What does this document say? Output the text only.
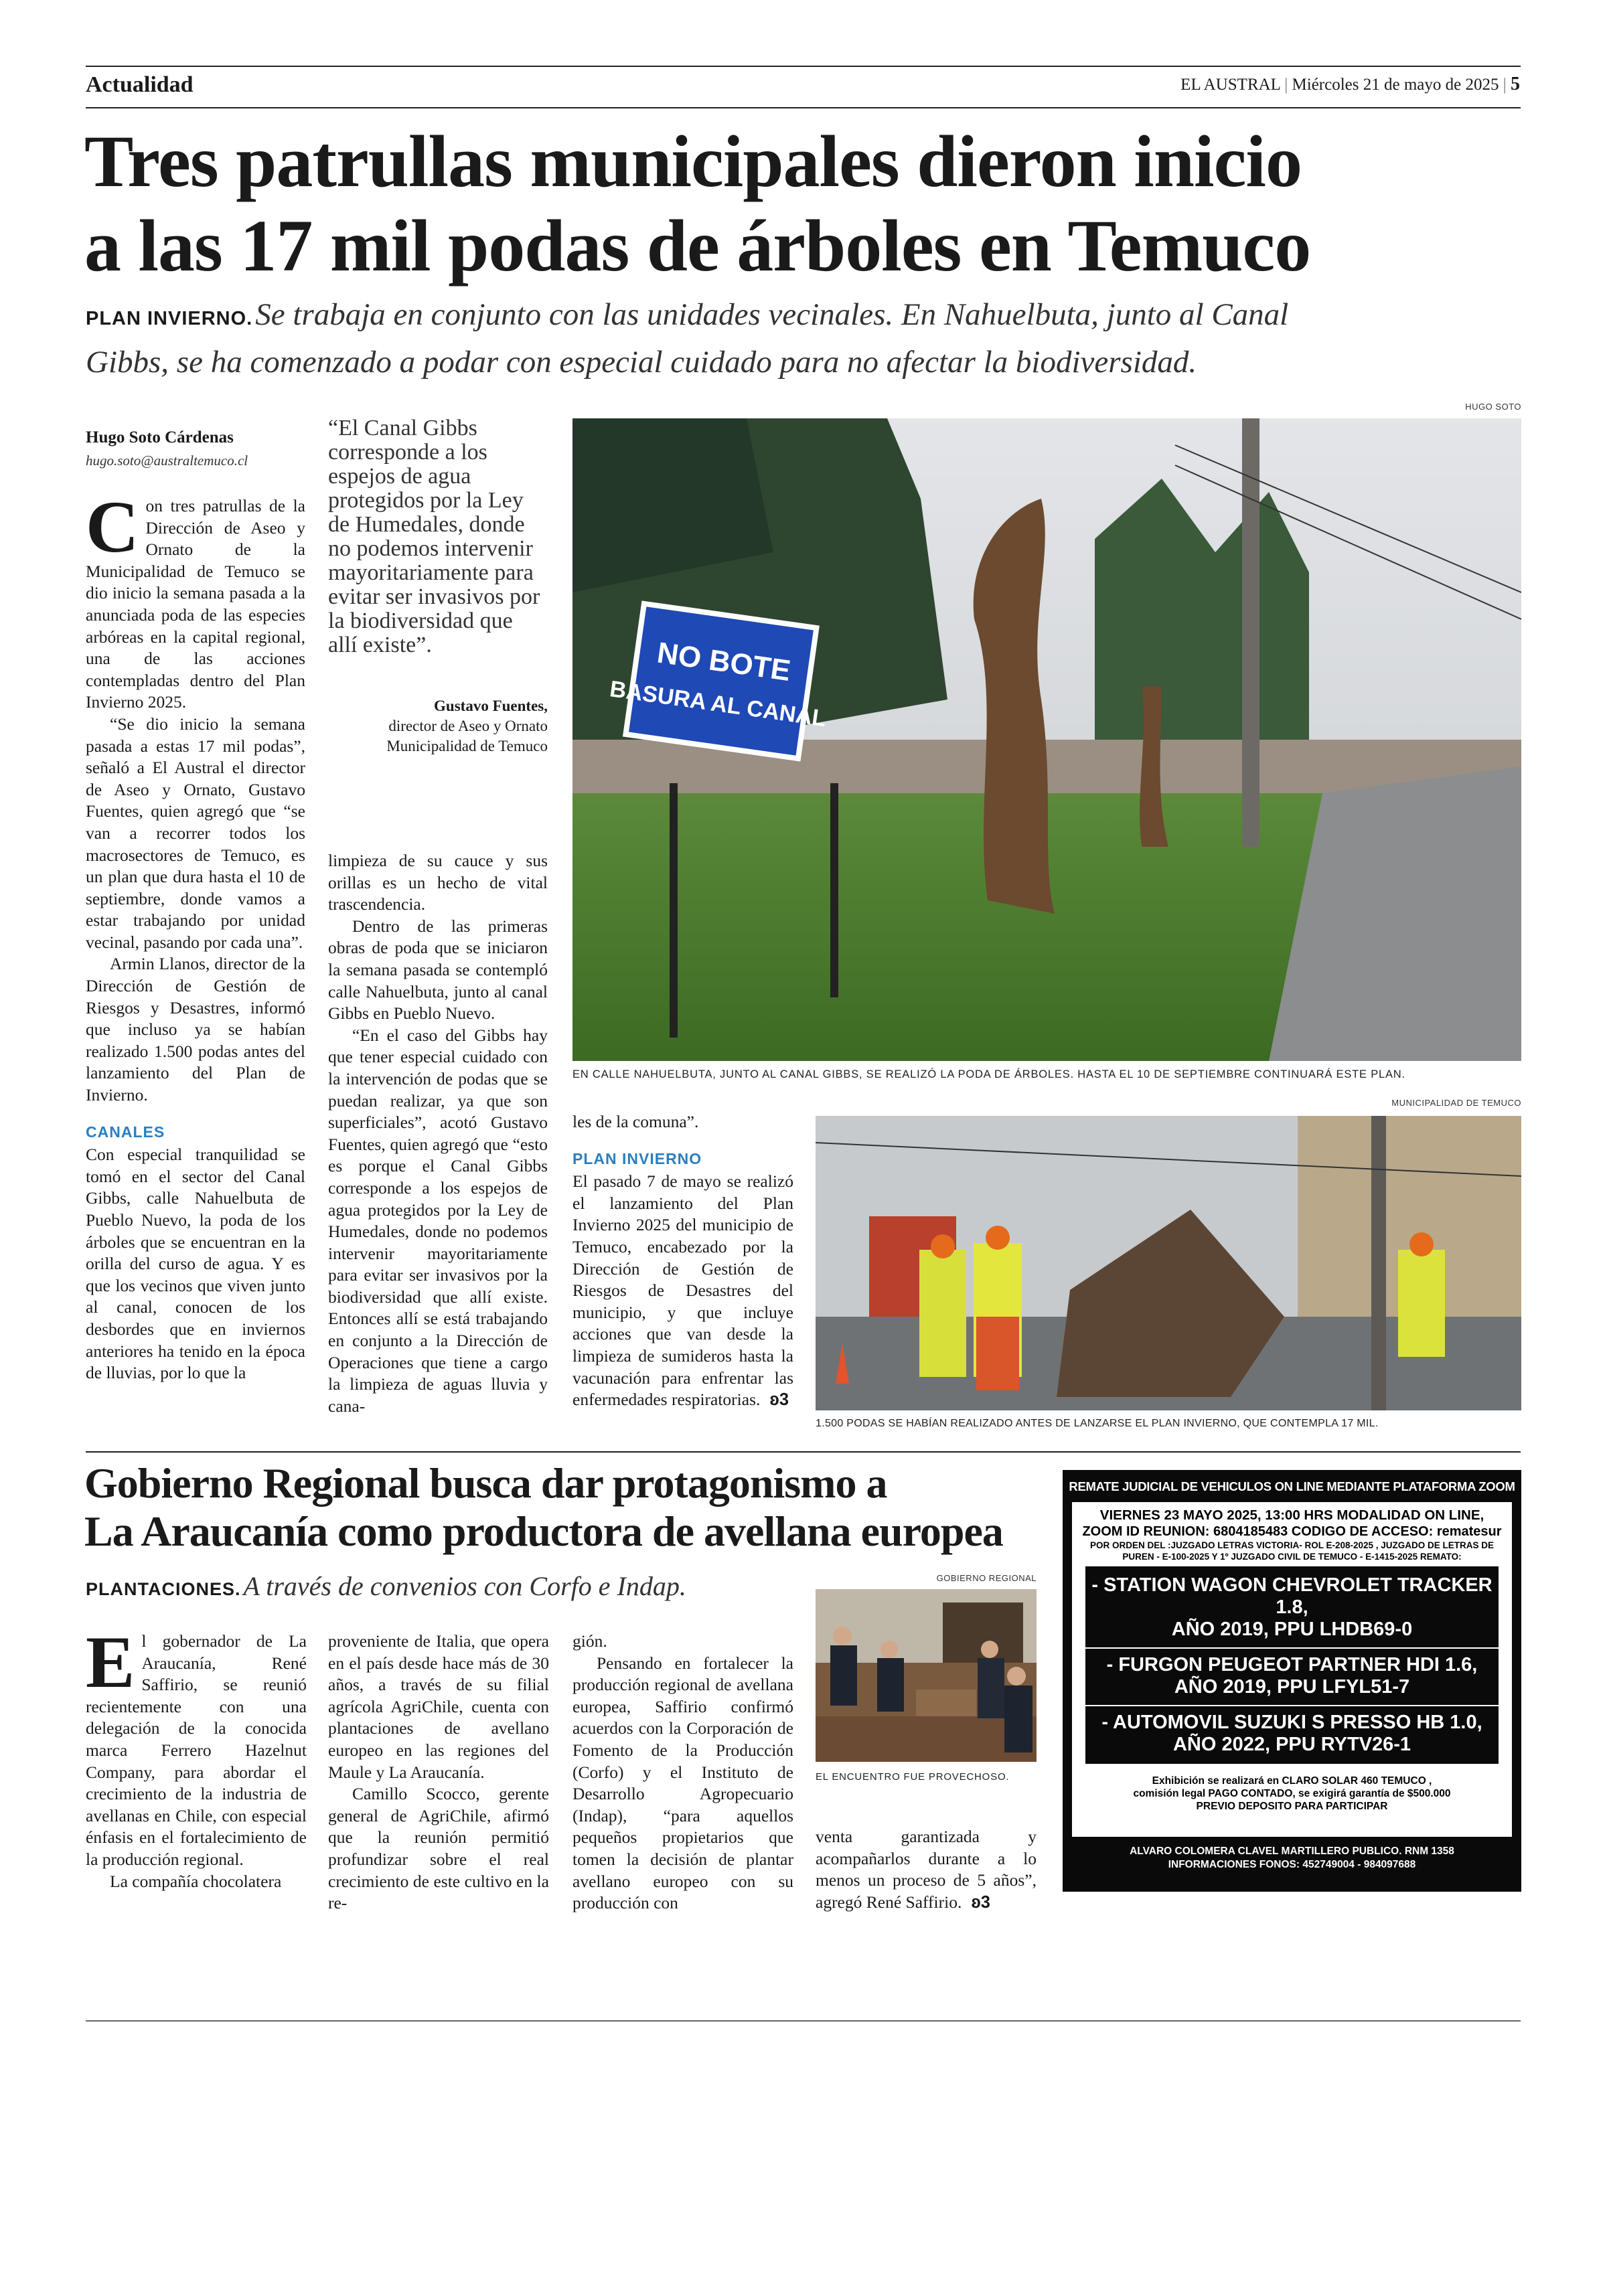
Actualidad	EL AUSTRAL | Miércoles 21 de mayo de 2025 | 5
Tres patrullas municipales dieron inicio
a las 17 mil podas de árboles en Temuco
PLAN INVIERNO. Se trabaja en conjunto con las unidades vecinales. En Nahuelbuta, junto al Canal
Gibbs, se ha comenzado a podar con especial cuidado para no afectar la biodiversidad.
Hugo Soto Cárdenas
hugo.soto@australtemuco.cl

Con tres patrullas de la Dirección de Aseo y Ornato de la Municipalidad de Temuco se dio inicio la semana pasada a la anunciada poda de las especies arbóreas en la capital regional, una de las acciones contempladas dentro del Plan Invierno 2025.

“Se dio inicio la semana pasada a estas 17 mil podas”, señaló a El Austral el director de Aseo y Ornato, Gustavo Fuentes, quien agregó que “se van a recorrer todos los macrosectores de Temuco, es un plan que dura hasta el 10 de septiembre, donde vamos a estar trabajando por unidad vecinal, pasando por cada una”.

Armin Llanos, director de la Dirección de Gestión de Riesgos y Desastres, informó que incluso ya se habían realizado 1.500 podas antes del lanzamiento del Plan de Invierno.

CANALES

Con especial tranquilidad se tomó en el sector del Canal Gibbs, calle Nahuelbuta de Pueblo Nuevo, la poda de los árboles que se encuentran en la orilla del curso de agua. Y es que los vecinos que viven junto al canal, conocen de los desbordes que en inviernos anteriores ha tenido en la época de lluvias, por lo que la

“El Canal Gibbs corresponde a los espejos de agua protegidos por la Ley de Humedales, donde no podemos intervenir mayoritariamente para evitar ser invasivos por la biodiversidad que allí existe”.
Gustavo Fuentes,
director de Aseo y Ornato
Municipalidad de Temuco

limpieza de su cauce y sus orillas es un hecho de vital trascendencia.

Dentro de las primeras obras de poda que se iniciaron la semana pasada se contempló calle Nahuelbuta, junto al canal Gibbs en Pueblo Nuevo.

“En el caso del Gibbs hay que tener especial cuidado con la intervención de podas que se puedan realizar, ya que son superficiales”, acotó Gustavo Fuentes, quien agregó que “esto es porque el Canal Gibbs corresponde a los espejos de agua protegidos por la Ley de Humedales, donde no podemos intervenir mayoritariamente para evitar ser invasivos por la biodiversidad que allí existe. Entonces allí se está trabajando en conjunto a la Dirección de Operaciones que tiene a cargo la limpieza de aguas lluvia y cana-

les de la comuna”.

PLAN INVIERNO

El pasado 7 de mayo se realizó el lanzamiento del Plan Invierno 2025 del municipio de Temuco, encabezado por la Dirección de Gestión de Riesgos de Desastres del municipio, y que incluye acciones que van desde la limpieza de sumideros hasta la vacunación para enfrentar las enfermedades respiratorias. ʚ3

HUGO SOTO
NO BOTE
BASURA AL CANAL
EN CALLE NAHUELBUTA, JUNTO AL CANAL GIBBS, SE REALIZÓ LA PODA DE ÁRBOLES. HASTA EL 10 DE SEPTIEMBRE CONTINUARÁ ESTE PLAN.
MUNICIPALIDAD DE TEMUCO
1.500 PODAS SE HABÍAN REALIZADO ANTES DE LANZARSE EL PLAN INVIERNO, QUE CONTEMPLA 17 MIL.
Gobierno Regional busca dar protagonismo a
La Araucanía como productora de avellana europea
PLANTACIONES. A través de convenios con Corfo e Indap.

El gobernador de La Araucanía, René Saffirio, se reunió recientemente con una delegación de la conocida marca Ferrero Hazelnut Company, para abordar el crecimiento de la industria de avellanas en Chile, con especial énfasis en el fortalecimiento de la producción regional.

La compañía chocolatera

proveniente de Italia, que opera en el país desde hace más de 30 años, a través de su filial agrícola AgriChile, cuenta con plantaciones de avellano europeo en las regiones del Maule y La Araucanía.

Camillo Scocco, gerente general de AgriChile, afirmó que la reunión permitió profundizar sobre el real crecimiento de este cultivo en la re-

gión.

Pensando en fortalecer la producción regional de avellana europea, Saffirio confirmó acuerdos con la Corporación de Fomento de la Producción (Corfo) y el Instituto de Desarrollo Agropecuario (Indap), “para aquellos pequeños propietarios que tomen la decisión de plantar avellano europeo con su producción con

venta garantizada y acompañarlos durante a lo menos un proceso de 5 años”, agregó René Saffirio. ʚ3

GOBIERNO REGIONAL
EL ENCUENTRO FUE PROVECHOSO.
REMATE JUDICIAL DE VEHICULOS ON LINE MEDIANTE PLATAFORMA ZOOM
VIERNES 23 MAYO 2025, 13:00 HRS MODALIDAD ON LINE,
ZOOM ID REUNION: 6804185483 CODIGO DE ACCESO: rematesur
POR ORDEN DEL :JUZGADO LETRAS VICTORIA- ROL E-208-2025 , JUZGADO DE LETRAS DE
PUREN - E-100-2025 Y 1º JUZGADO CIVIL DE TEMUCO - E-1415-2025 REMATO:
- STATION WAGON CHEVROLET TRACKER 1.8,
AÑO 2019, PPU LHDB69-0
- FURGON PEUGEOT PARTNER HDI 1.6,
AÑO 2019, PPU LFYL51-7
- AUTOMOVIL SUZUKI S PRESSO HB 1.0,
AÑO 2022, PPU RYTV26-1
Exhibición se realizará en CLARO SOLAR 460 TEMUCO ,
comisión legal PAGO CONTADO, se exigirá garantía de $500.000
PREVIO DEPOSITO PARA PARTICIPAR
ALVARO COLOMERA CLAVEL MARTILLERO PUBLICO. RNM 1358
INFORMACIONES FONOS: 452749004 - 984097688
